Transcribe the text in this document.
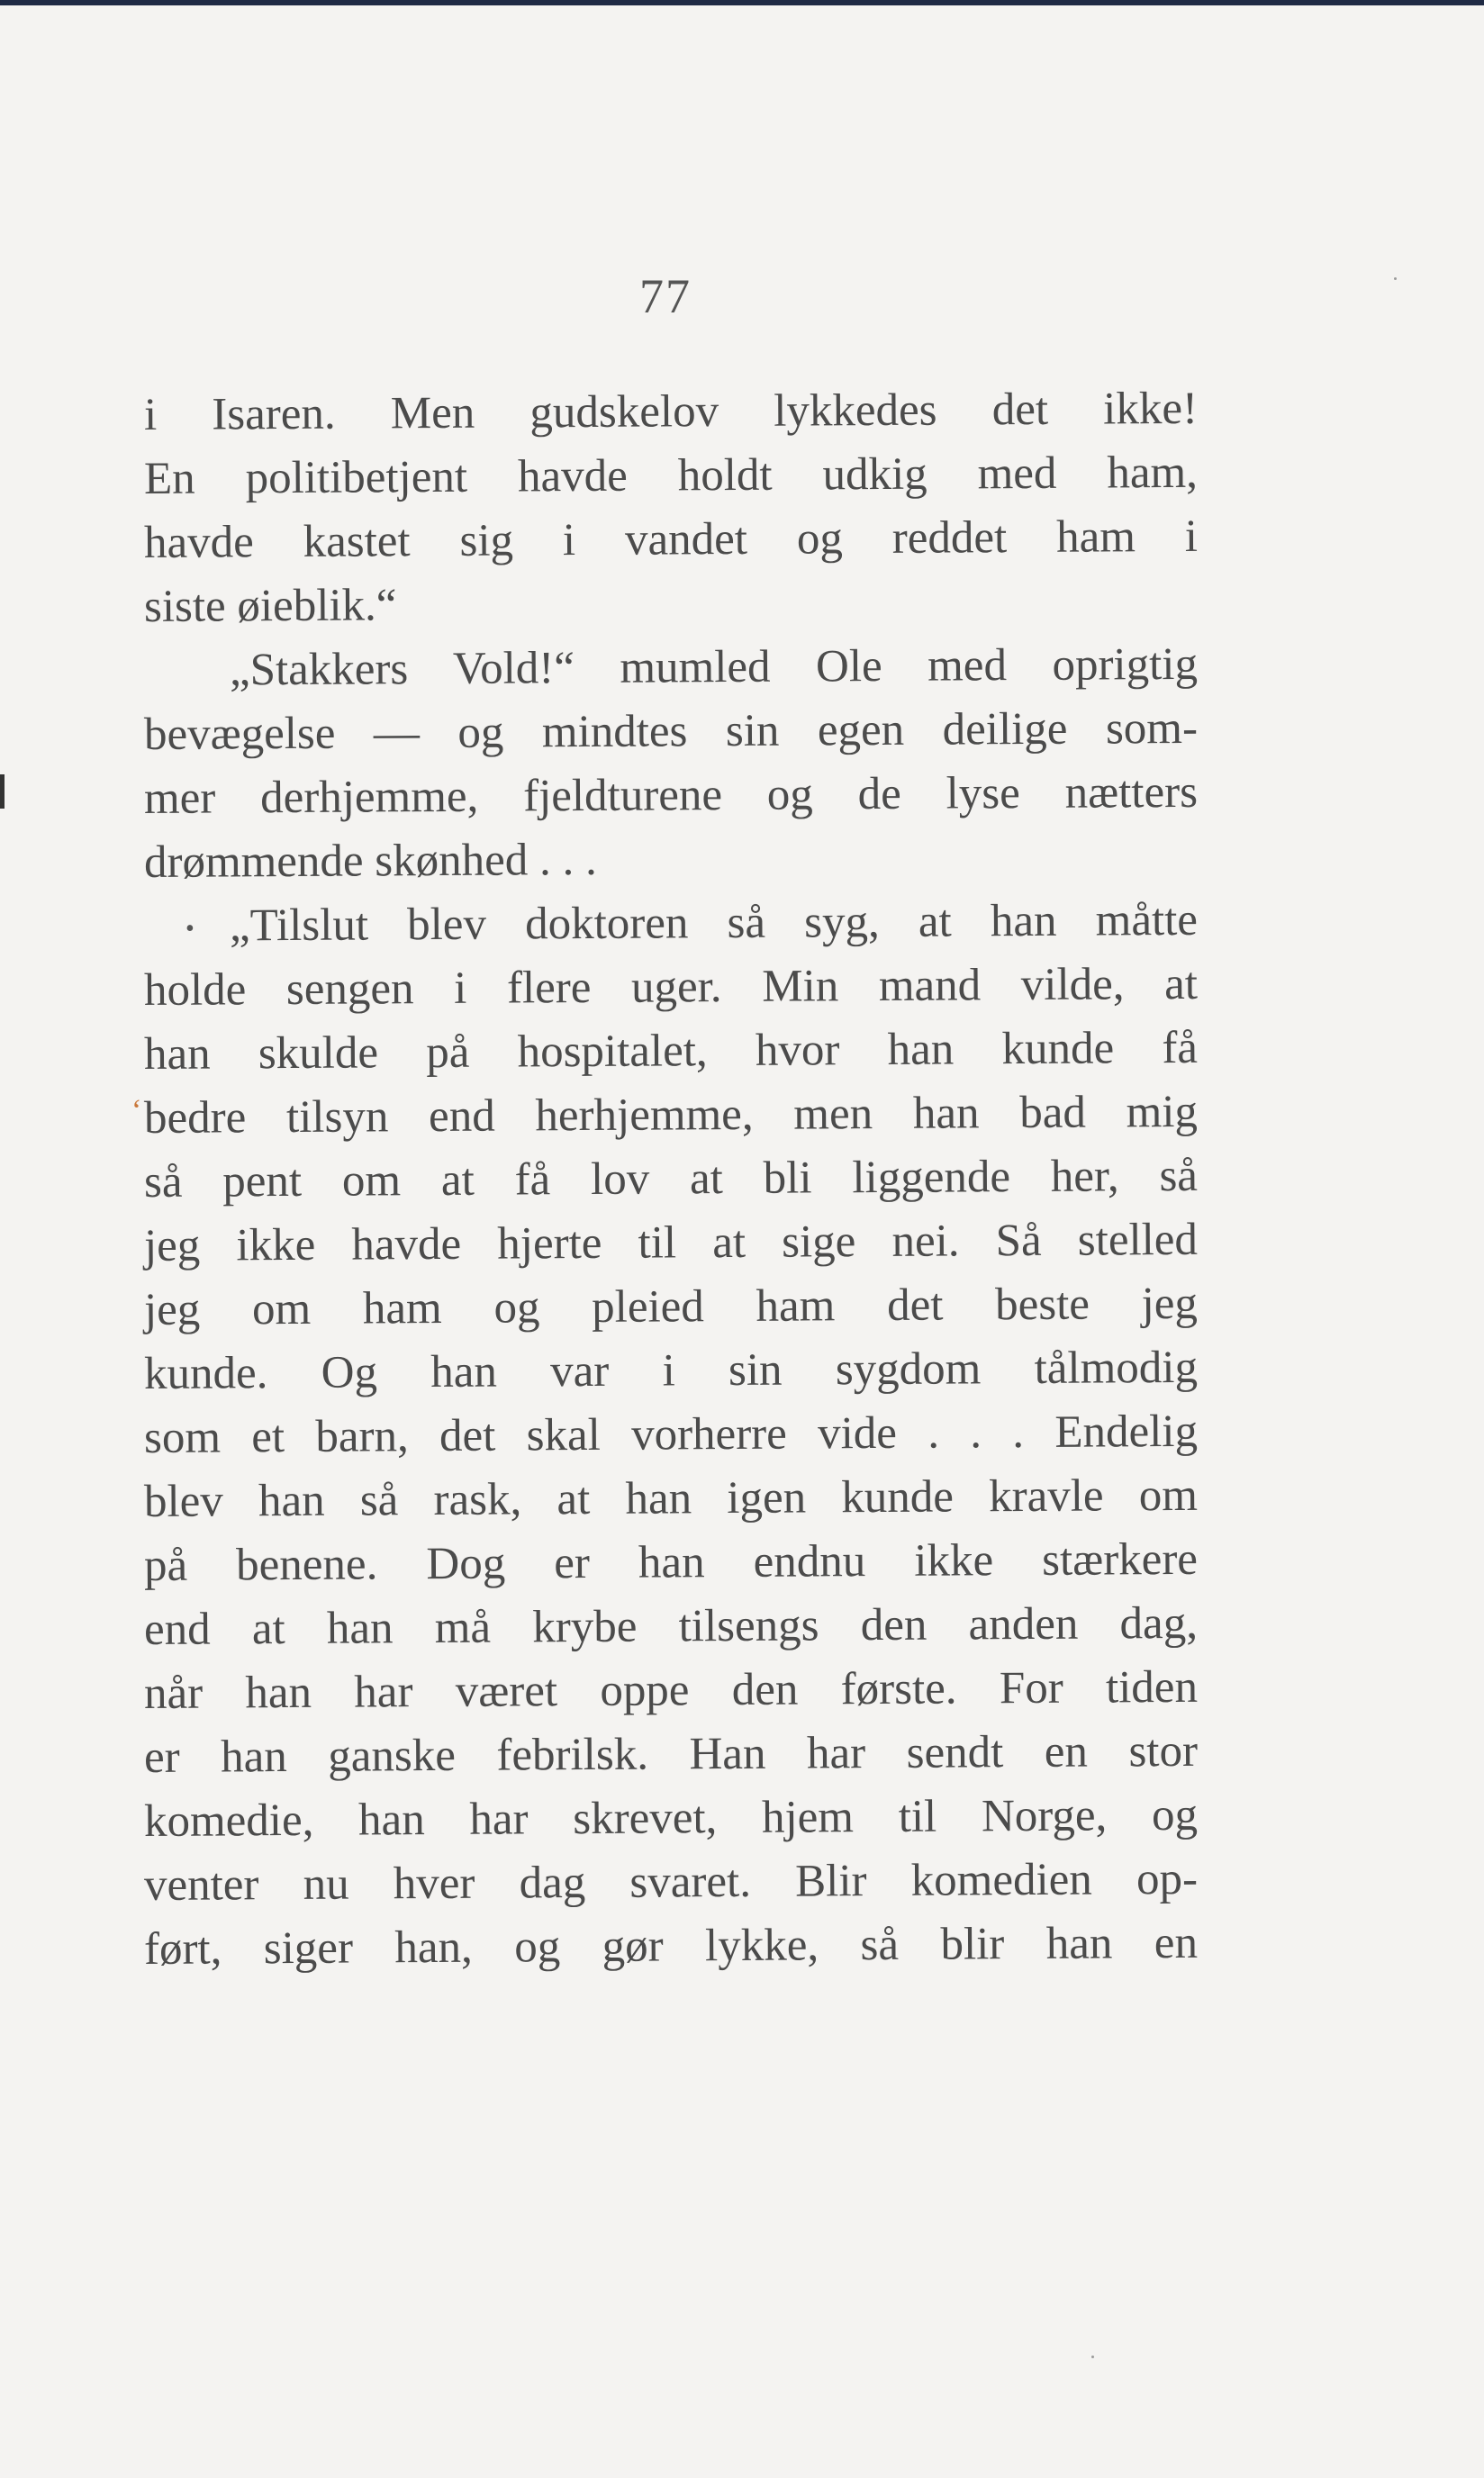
77
i Isaren. Men gudskelov lykkedes det ikke!
En politibetjent havde holdt udkig med ham,
havde kastet sig i vandet og reddet ham i
siste øieblik.“
„Stakkers Vold!“ mumled Ole med oprigtig
bevægelse — og mindtes sin egen deilige som-
mer derhjemme, fjeldturene og de lyse nætters
drømmende skønhed . . .
„Tilslut blev doktoren så syg, at han måtte
holde sengen i flere uger. Min mand vilde, at
han skulde på hospitalet, hvor han kunde få
bedre tilsyn end herhjemme, men han bad mig
så pent om at få lov at bli liggende her, så
jeg ikke havde hjerte til at sige nei. Så stelled
jeg om ham og pleied ham det beste jeg
kunde. Og han var i sin sygdom tålmodig
som et barn, det skal vorherre vide . . . Endelig
blev han så rask, at han igen kunde kravle om
på benene. Dog er han endnu ikke stærkere
end at han må krybe tilsengs den anden dag,
når han har været oppe den første. For tiden
er han ganske febrilsk. Han har sendt en stor
komedie, han har skrevet, hjem til Norge, og
venter nu hver dag svaret. Blir komedien op-
ført, siger han, og gør lykke, så blir han en
•
‘
